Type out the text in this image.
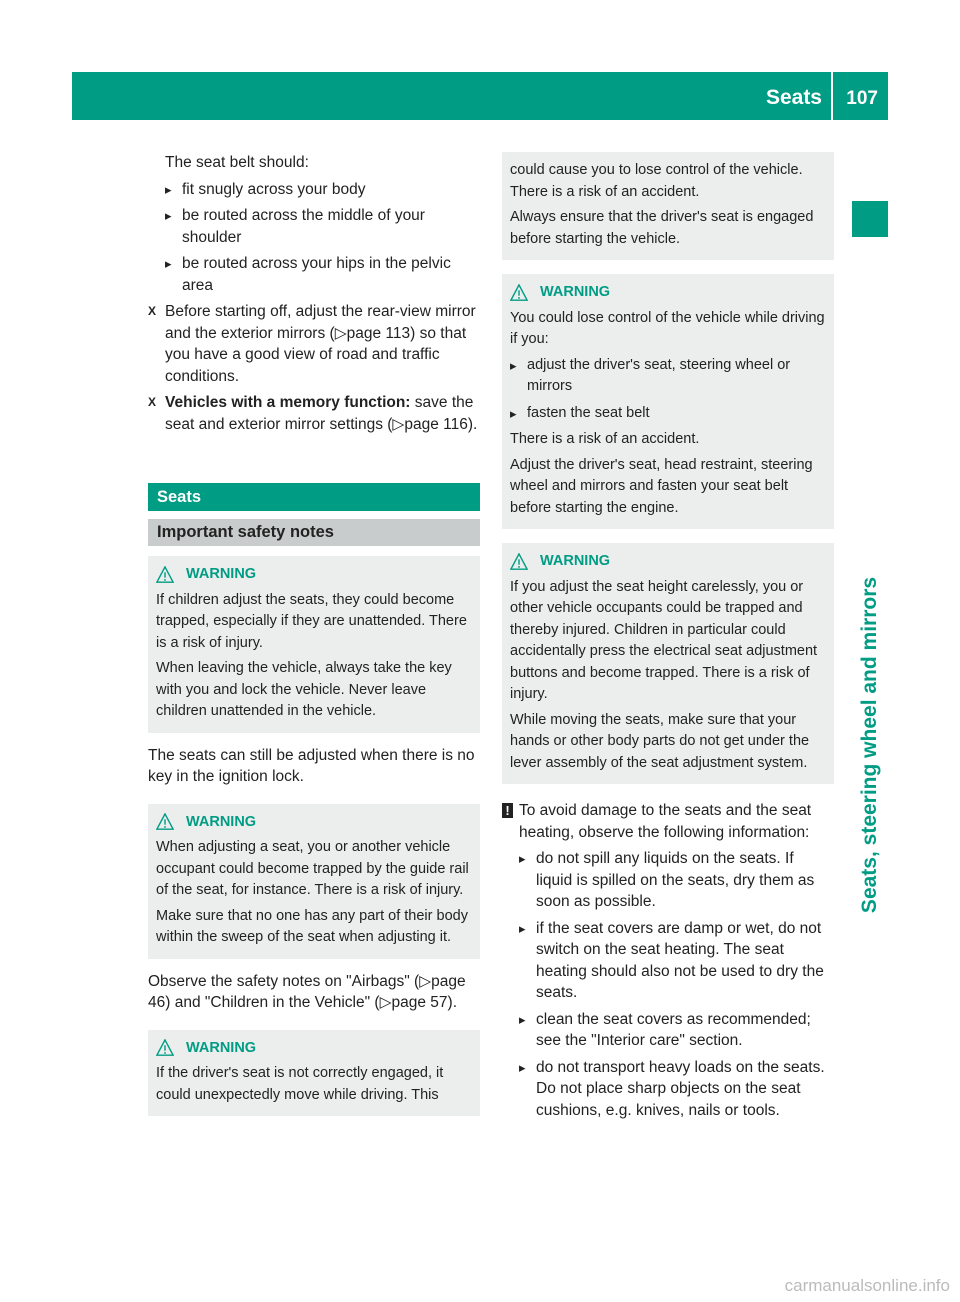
Seats 107
Seats, steering wheel and mirrors

The seat belt should:

▸ fit snugly across your body
▸ be routed across the middle of your shoulder
▸ be routed across your hips in the pelvic area
X Before starting off, adjust the rear-view mirror and the exterior mirrors (▷page 113) so that you have a good view of road and traffic conditions.
X Vehicles with a memory function: save the seat and exterior mirror settings (▷page 116).
Seats
Important safety notes
WARNING

If children adjust the seats, they could become trapped, especially if they are unattended. There is a risk of injury.

When leaving the vehicle, always take the key with you and lock the vehicle. Never leave children unattended in the vehicle.

The seats can still be adjusted when there is no key in the ignition lock.

WARNING

When adjusting a seat, you or another vehicle occupant could become trapped by the guide rail of the seat, for instance. There is a risk of injury.

Make sure that no one has any part of their body within the sweep of the seat when adjusting it.

Observe the safety notes on "Airbags" (▷page 46) and "Children in the Vehicle" (▷page 57).

WARNING

If the driver's seat is not correctly engaged, it could unexpectedly move while driving. This

could cause you to lose control of the vehicle. There is a risk of an accident.

Always ensure that the driver's seat is engaged before starting the vehicle.

WARNING

You could lose control of the vehicle while driving if you:

▸ adjust the driver's seat, steering wheel or mirrors
▸ fasten the seat belt

There is a risk of an accident.

Adjust the driver's seat, head restraint, steering wheel and mirrors and fasten your seat belt before starting the engine.

WARNING

If you adjust the seat height carelessly, you or other vehicle occupants could be trapped and thereby injured. Children in particular could accidentally press the electrical seat adjustment buttons and become trapped. There is a risk of injury.

While moving the seats, make sure that your hands or other body parts do not get under the lever assembly of the seat adjustment system.

! To avoid damage to the seats and the seat heating, observe the following information:

▸ do not spill any liquids on the seats. If liquid is spilled on the seats, dry them as soon as possible.
▸ if the seat covers are damp or wet, do not switch on the seat heating. The seat heating should also not be used to dry the seats.
▸ clean the seat covers as recommended; see the "Interior care" section.
▸ do not transport heavy loads on the seats. Do not place sharp objects on the seat cushions, e.g. knives, nails or tools.
carmanualsonline.info
